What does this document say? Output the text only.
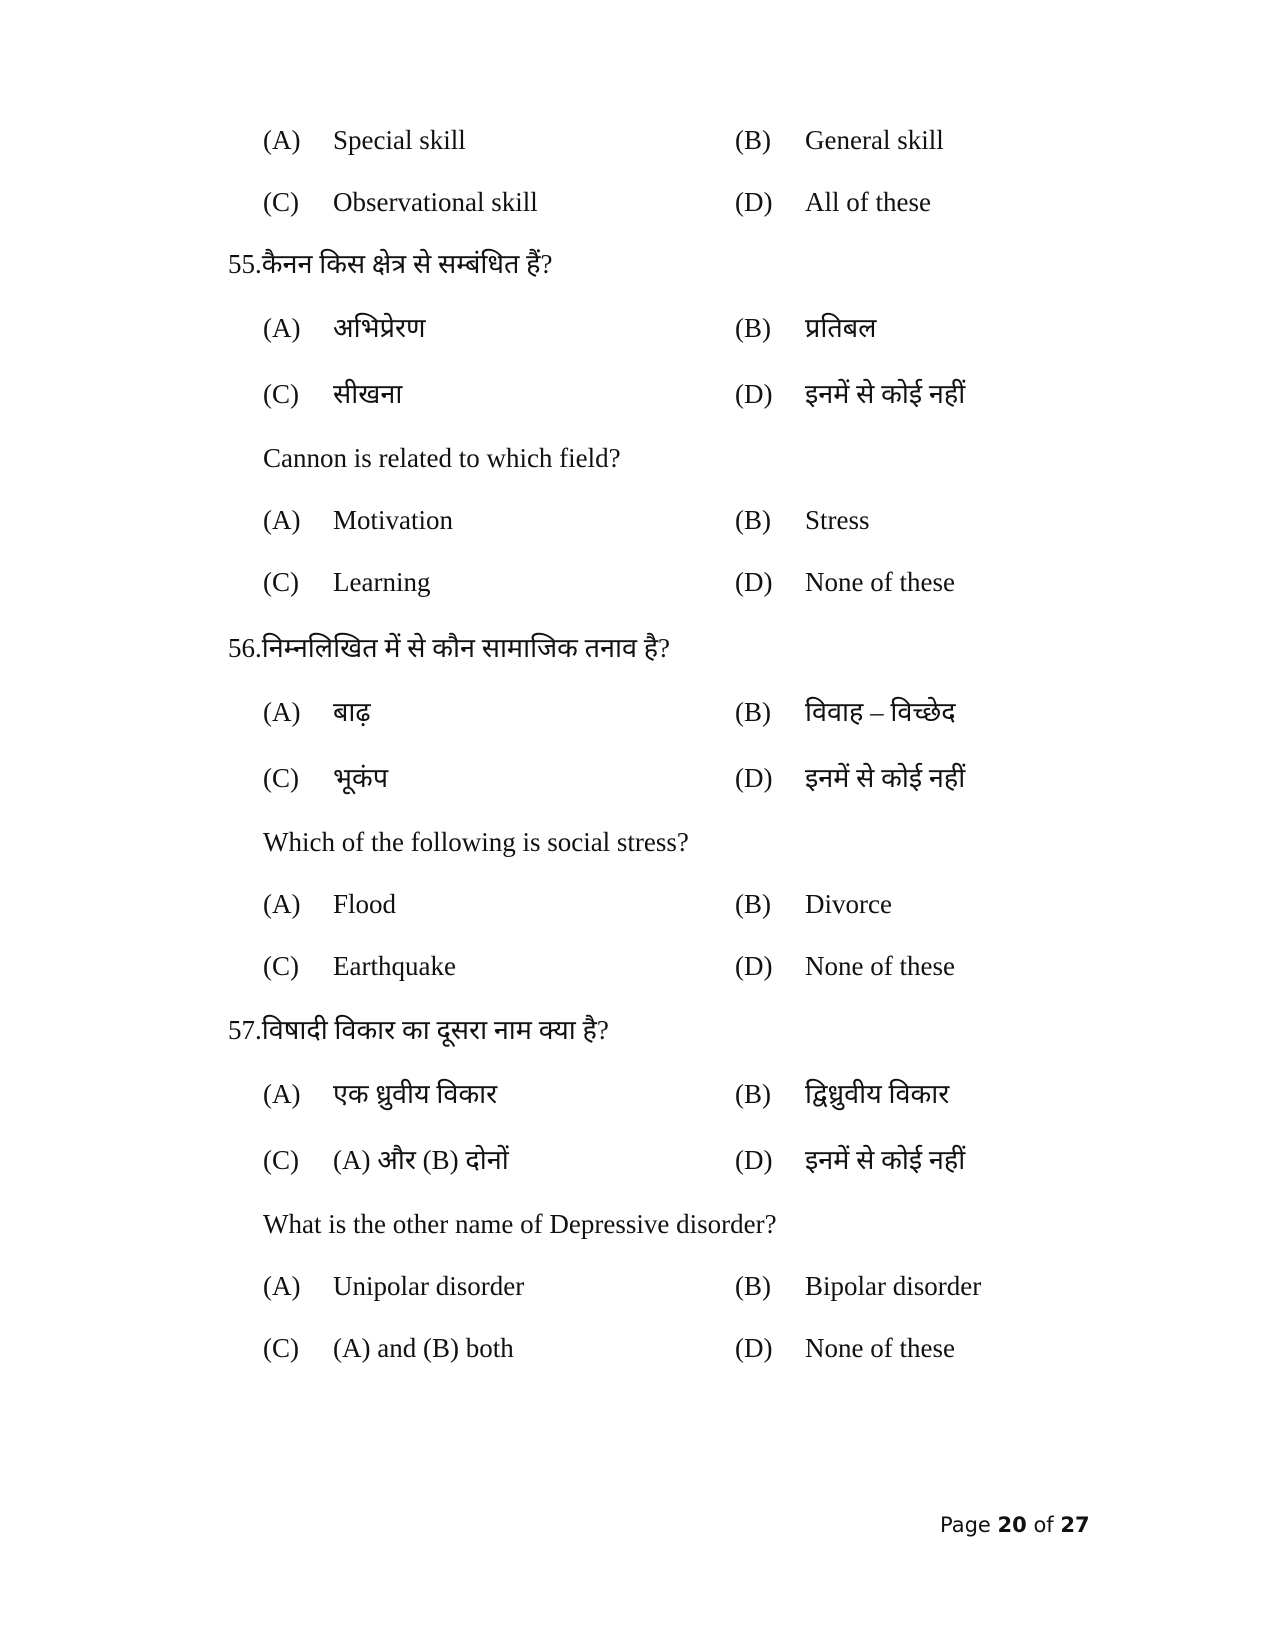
(A) Special skill	(B) General skill
(C) Observational skill	(D) All of these
55.कैनन किस क्षेत्र से सम्बंधित हैं?
(A) अभिप्रेरण	(B) प्रतिबल
(C) सीखना	(D) इनमें से कोई नहीं
Cannon is related to which field?
(A) Motivation	(B) Stress
(C) Learning	(D) None of these
56.निम्नलिखित में से कौन सामाजिक तनाव है?
(A) बाढ़	(B) विवाह – विच्छेद
(C) भूकंप	(D) इनमें से कोई नहीं
Which of the following is social stress?
(A) Flood	(B) Divorce
(C) Earthquake	(D) None of these
57.विषादी विकार का दूसरा नाम क्या है?
(A) एक ध्रुवीय विकार	(B) द्विध्रुवीय विकार
(C) (A) और (B) दोनों	(D) इनमें से कोई नहीं
What is the other name of Depressive disorder?
(A) Unipolar disorder	(B) Bipolar disorder
(C) (A) and (B) both	(D) None of these
Page 20 of 27
